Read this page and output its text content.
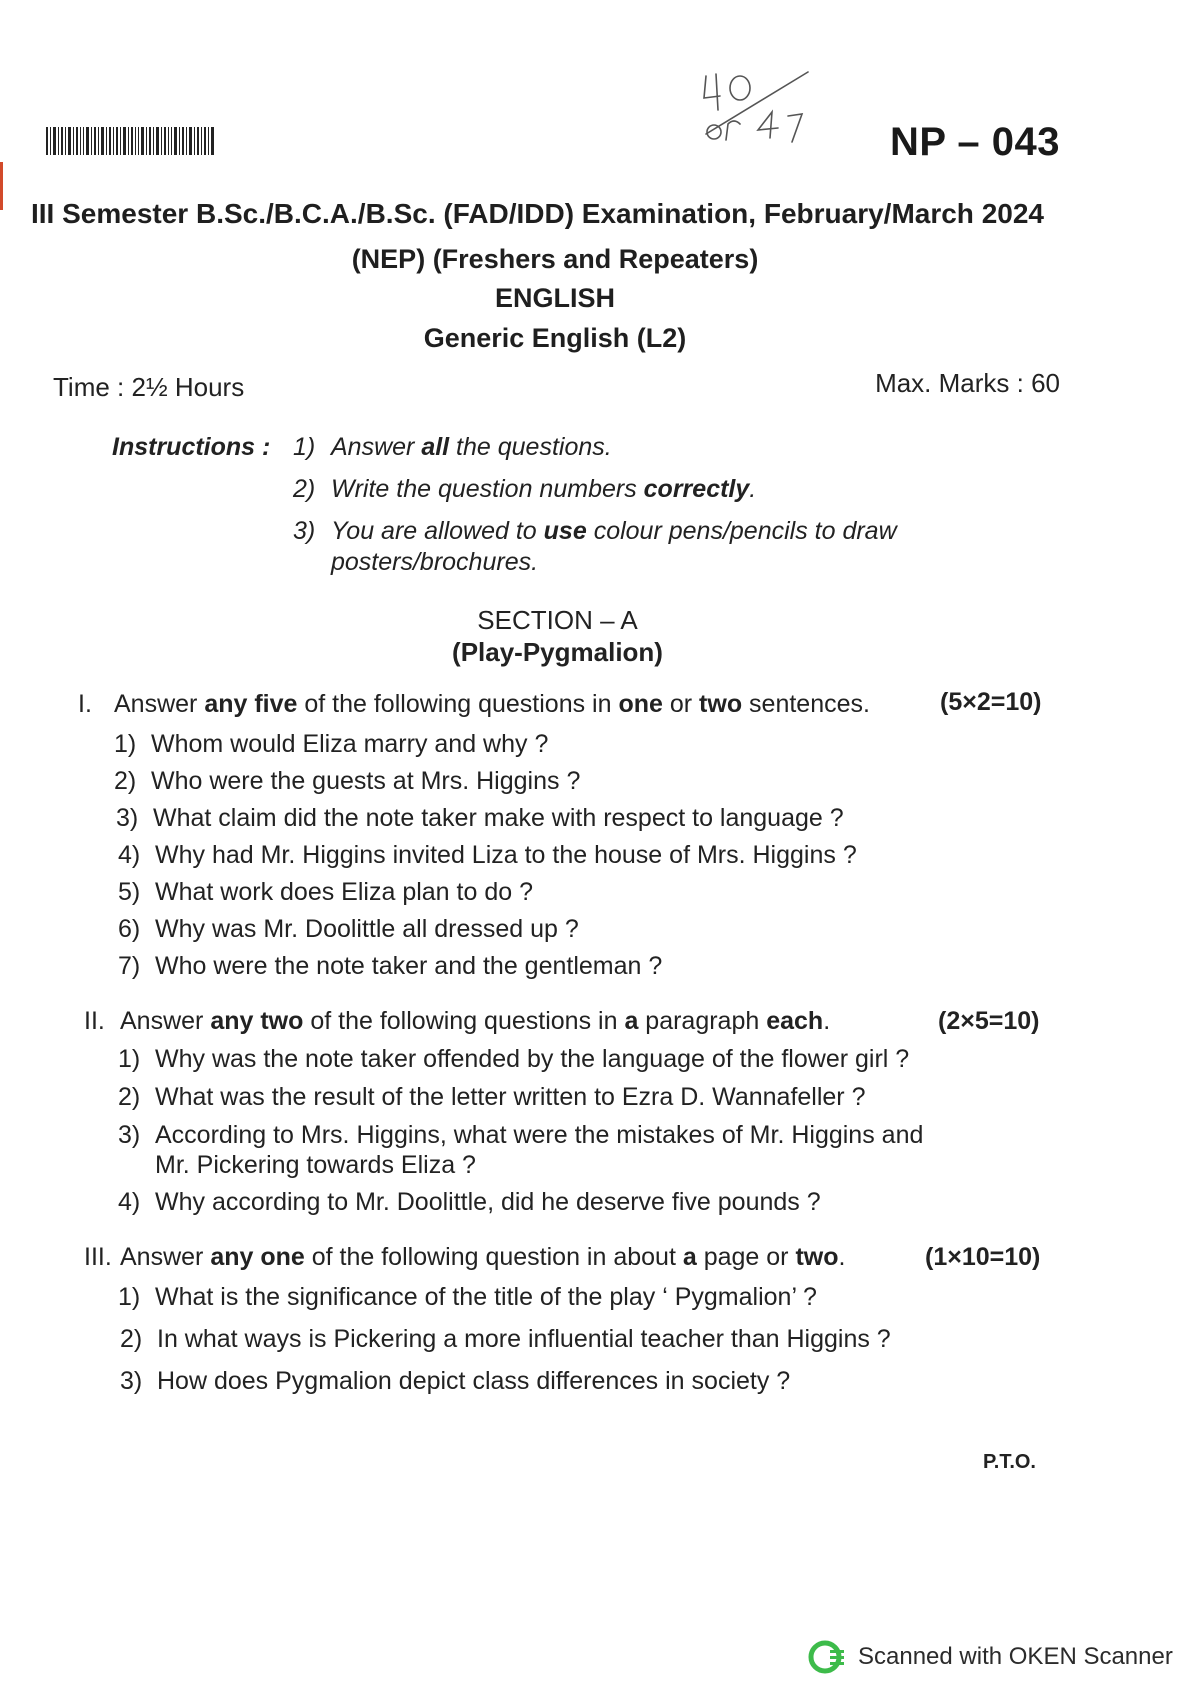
NP – 043
III Semester B.Sc./B.C.A./B.Sc. (FAD/IDD) Examination, February/March 2024
(NEP) (Freshers and Repeaters)
ENGLISH
Generic English (L2)
Time : 2½ Hours	Max. Marks : 60
Instructions : 1) Answer all the questions.
2) Write the question numbers correctly.
3) You are allowed to use colour pens/pencils to draw
posters/brochures.
SECTION – A
(Play-Pygmalion)
I. Answer any five of the following questions in one or two sentences.	(5×2=10)
1) Whom would Eliza marry and why ?
2) Who were the guests at Mrs. Higgins ?
3) What claim did the note taker make with respect to language ?
4) Why had Mr. Higgins invited Liza to the house of Mrs. Higgins ?
5) What work does Eliza plan to do ?
6) Why was Mr. Doolittle all dressed up ?
7) Who were the note taker and the gentleman ?
II. Answer any two of the following questions in a paragraph each.	(2×5=10)
1) Why was the note taker offended by the language of the flower girl ?
2) What was the result of the letter written to Ezra D. Wannafeller ?
3) According to Mrs. Higgins, what were the mistakes of Mr. Higgins and
Mr. Pickering towards Eliza ?
4) Why according to Mr. Doolittle, did he deserve five pounds ?
III. Answer any one of the following question in about a page or two.	(1×10=10)
1) What is the significance of the title of the play ‘ Pygmalion’ ?
2) In what ways is Pickering a more influential teacher than Higgins ?
3) How does Pygmalion depict class differences in society ?
P.T.O.
Scanned with OKEN Scanner
